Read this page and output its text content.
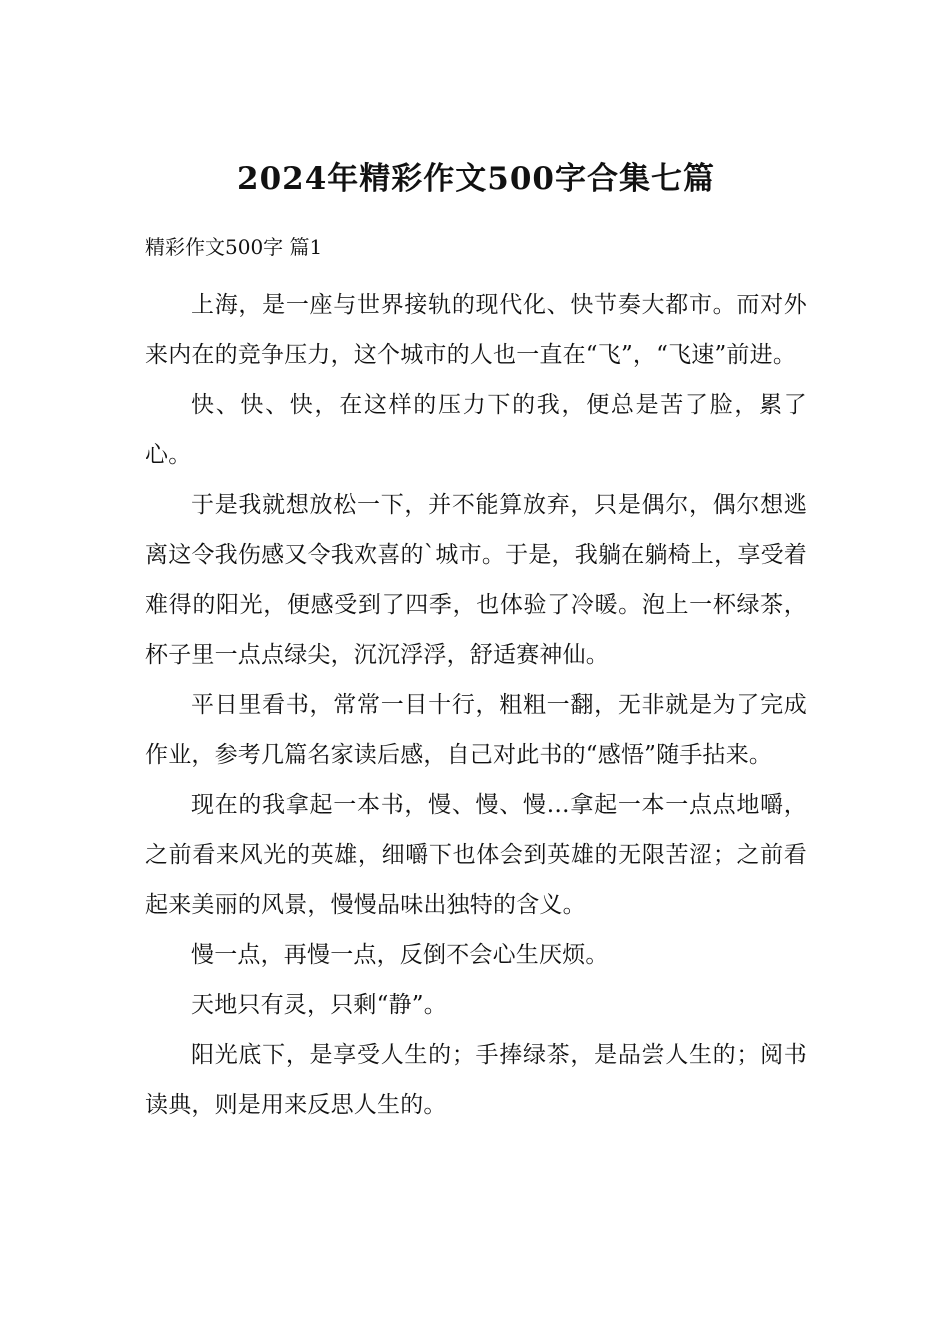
2024年精彩作文500字合集七篇
精彩作文500字 篇1

上海，是一座与世界接轨的现代化、快节奏大都市。而对外来内在的竞争压力，这个城市的人也一直在“飞”，“飞速”前进。

快、快、快，在这样的压力下的我，便总是苦了脸，累了心。

于是我就想放松一下，并不能算放弃，只是偶尔，偶尔想逃离这令我伤感又令我欢喜的`城市。于是，我躺在躺椅上，享受着难得的阳光，便感受到了四季，也体验了冷暖。泡上一杯绿茶，杯子里一点点绿尖，沉沉浮浮，舒适赛神仙。

平日里看书，常常一目十行，粗粗一翻，无非就是为了完成作业，参考几篇名家读后感，自己对此书的“感悟”随手拈来。

现在的我拿起一本书，慢、慢、慢…拿起一本一点点地嚼，之前看来风光的英雄，细嚼下也体会到英雄的无限苦涩；之前看起来美丽的风景，慢慢品味出独特的含义。

慢一点，再慢一点，反倒不会心生厌烦。

天地只有灵，只剩“静”。

阳光底下，是享受人生的；手捧绿茶，是品尝人生的；阅书读典，则是用来反思人生的。
